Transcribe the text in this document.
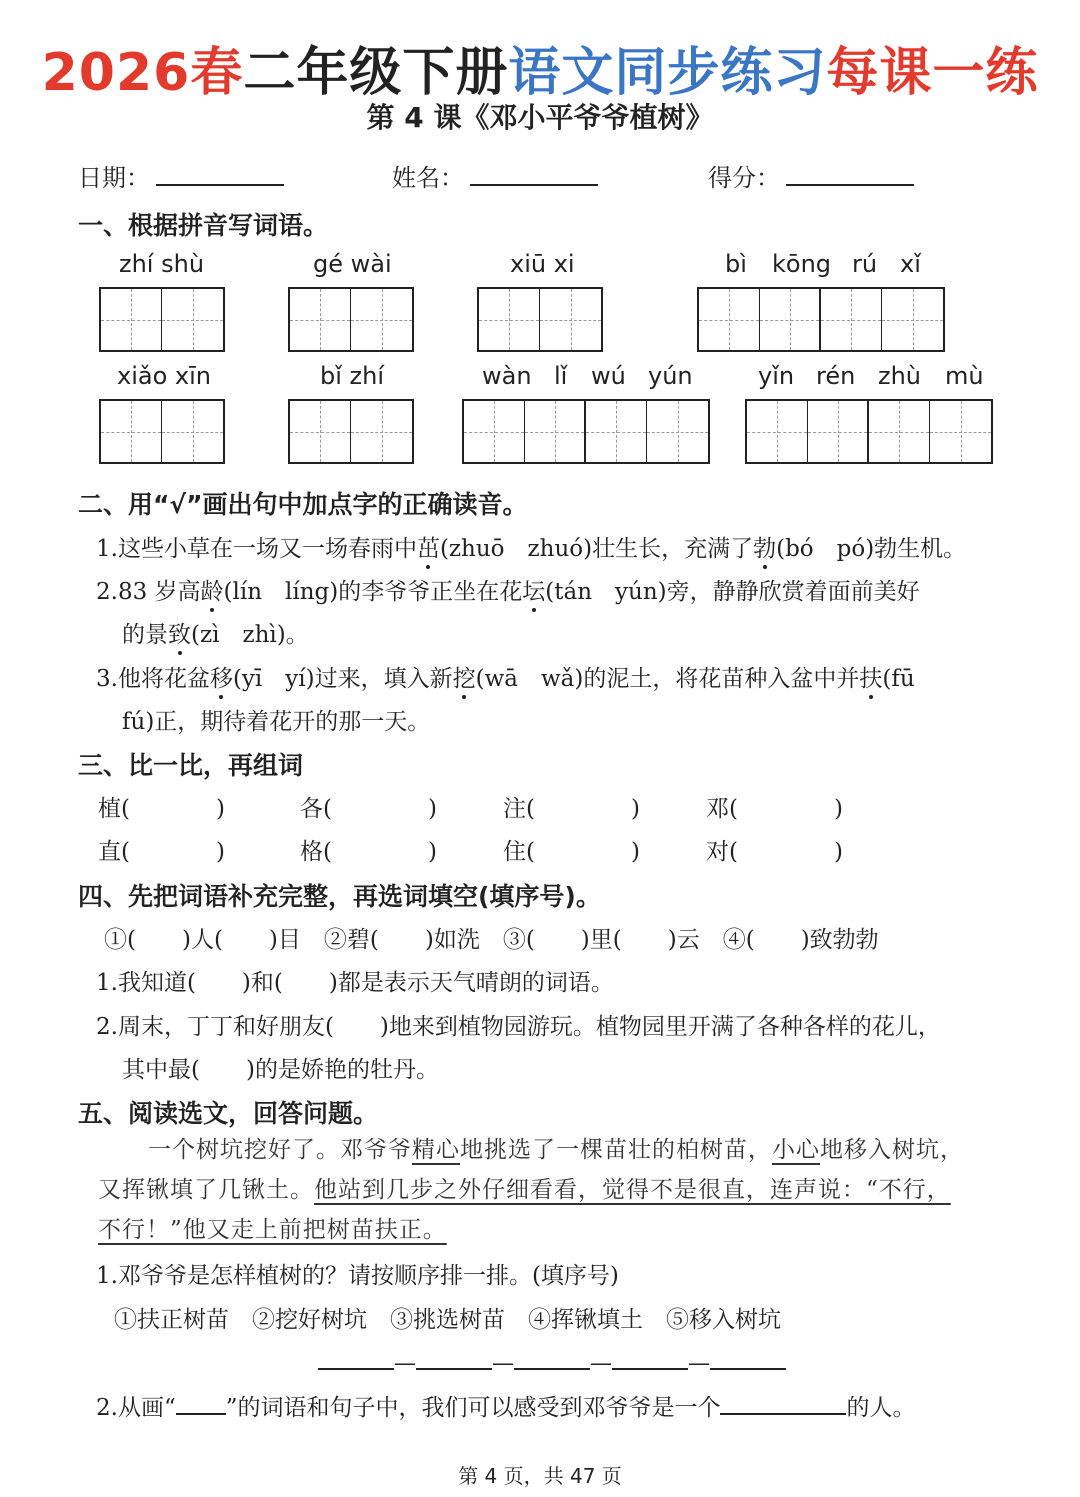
2026春二年级下册语文同步练习每课一练
第 4 课《邓小平爷爷植树》
日期：	姓名：	得分：
一、根据拼音写词语。
zhí shù	gé wài	xiū xi	bì kōng rú xǐ
xiǎo xīn	bǐ zhí	wàn lǐ wú yún	yǐn rén zhù mù
二、用“√”画出句中加点字的正确读音。
1.这些小草在一场又一场春雨中茁(zhuō　zhuó)壮生长，充满了勃(bó　pó)勃生机。
2.83 岁高龄(lín　líng)的李爷爷正坐在花坛(tán　yún)旁，静静欣赏着面前美好
的景致(zì　zhì)。
3.他将花盆移(yī　yí)过来，填入新挖(wā　wǎ)的泥土，将花苗种入盆中并扶(fū
fú)正，期待着花开的那一天。
三、比一比，再组词
植(	)	各(	)	注(	)	邓(	)
直(	)	格(	)	住(	)	对(	)
四、先把词语补充完整，再选词填空(填序号)。
①(　　)人(　　)目　②碧(　　)如洗　③(　　)里(　　)云　④(　　)致勃勃
1.我知道(　　)和(　　)都是表示天气晴朗的词语。
2.周末，丁丁和好朋友(　　)地来到植物园游玩。植物园里开满了各种各样的花儿，
其中最(　　)的是娇艳的牡丹。
五、阅读选文，回答问题。
一个树坑挖好了。邓爷爷精心地挑选了一棵苗壮的柏树苗，小心地移入树坑，
又挥锹填了几锹土。他站到几步之外仔细看看，觉得不是很直，连声说：“不行，
不行！”他又走上前把树苗扶正。
1.邓爷爷是怎样植树的？请按顺序排一排。(填序号)
①扶正树苗　②挖好树坑　③挑选树苗　④挥锹填土　⑤移入树坑
—	—	—	—
2.从画“ ”的词语和句子中，我们可以感受到邓爷爷是一个	的人。
第 4 页，共 47 页
